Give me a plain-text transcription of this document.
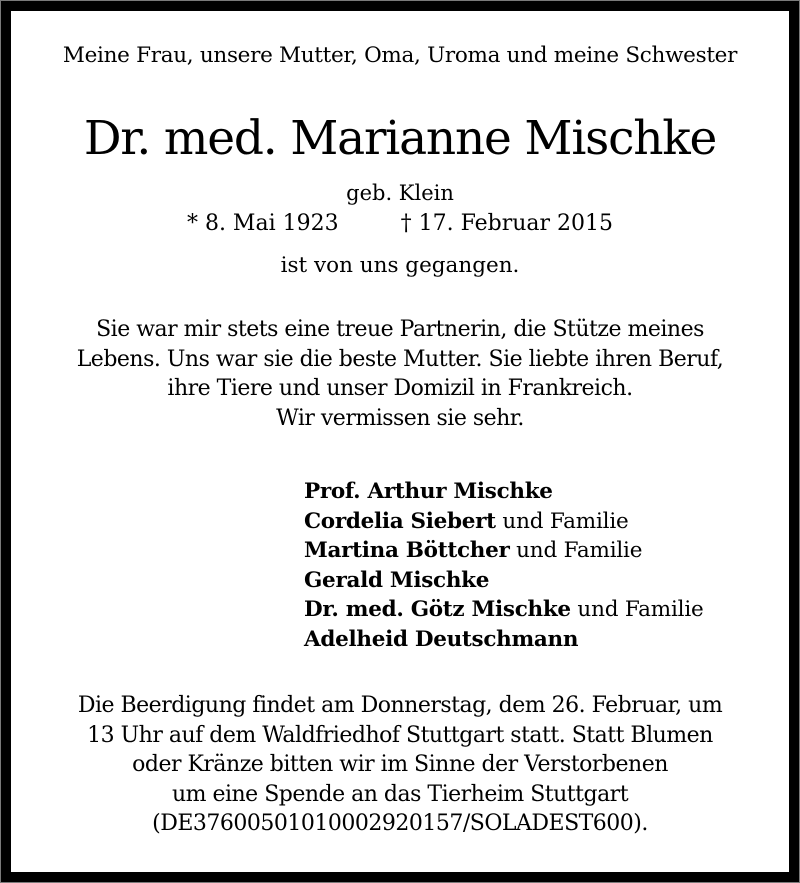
Meine Frau, unsere Mutter, Oma, Uroma und meine Schwester
Dr. med. Marianne Mischke
geb. Klein
* 8. Mai 1923	† 17. Februar 2015
ist von uns gegangen.
Sie war mir stets eine treue Partnerin, die Stütze meines
Lebens. Uns war sie die beste Mutter. Sie liebte ihren Beruf,
ihre Tiere und unser Domizil in Frankreich.
Wir vermissen sie sehr.
Prof. Arthur Mischke
Cordelia Siebert und Familie
Martina Böttcher und Familie
Gerald Mischke
Dr. med. Götz Mischke und Familie
Adelheid Deutschmann
Die Beerdigung findet am Donnerstag, dem 26. Februar, um
13 Uhr auf dem Waldfriedhof Stuttgart statt. Statt Blumen
oder Kränze bitten wir im Sinne der Verstorbenen
um eine Spende an das Tierheim Stuttgart
(DE37600501010002920157/SOLADEST600).
